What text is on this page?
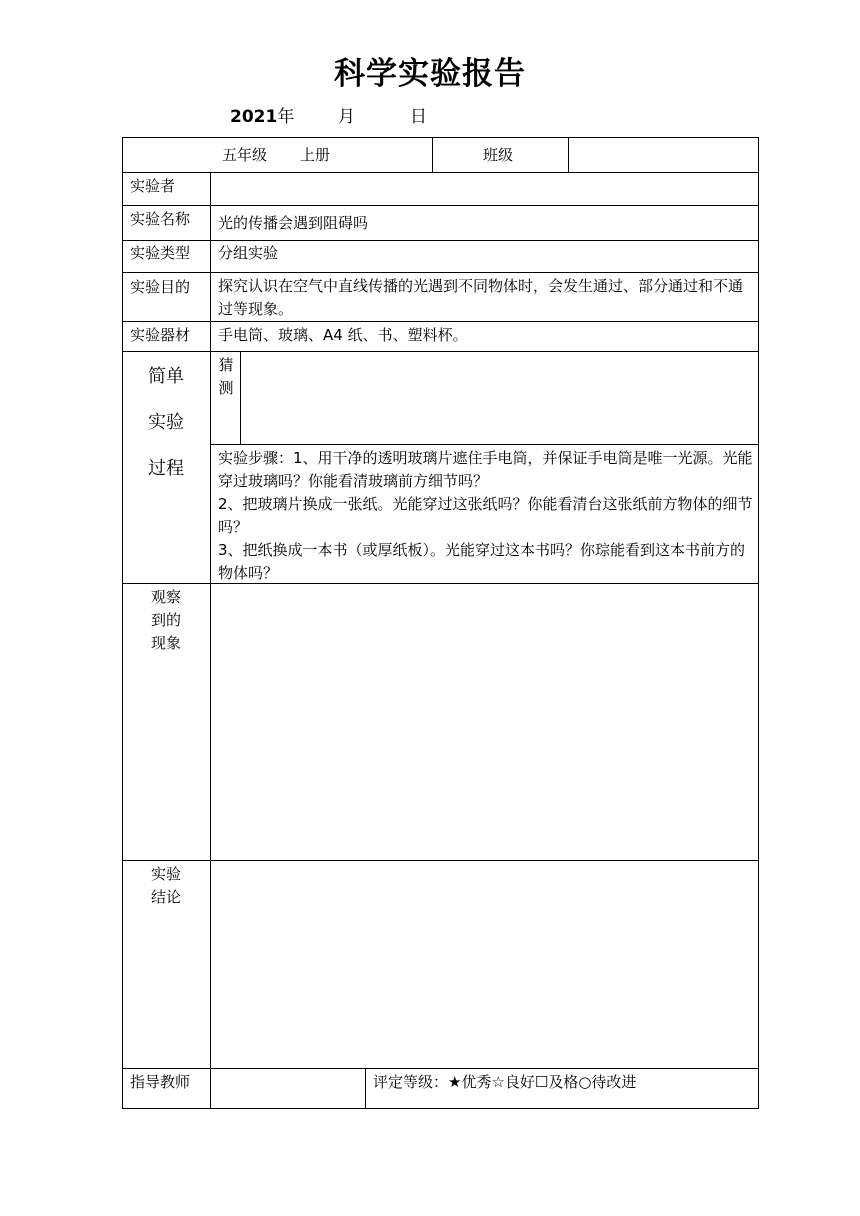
科学实验报告
2021年	月	日
五年级 上册	班级
实验者
实验名称 光的传播会遇到阻碍吗
实验类型 分组实验
实验目的 探究认识在空气中直线传播的光遇到不同物体时，会发生通过、部分通过和不通过等现象。
实验器材 手电筒、玻璃、A4 纸、书、塑料杯。
简单
实验
过程
猜
测
实验步骤：1、用干净的透明玻璃片遮住手电筒，并保证手电筒是唯一光源。光能穿过玻璃吗？你能看清玻璃前方细节吗？
2、把玻璃片换成一张纸。光能穿过这张纸吗？你能看清台这张纸前方物体的细节吗？
3、把纸换成一本书（或厚纸板）。光能穿过这本书吗？你琮能看到这本书前方的物体吗？
观察
到的
现象
实验
结论
指导教师	评定等级：★优秀☆良好☐及格○待改进
